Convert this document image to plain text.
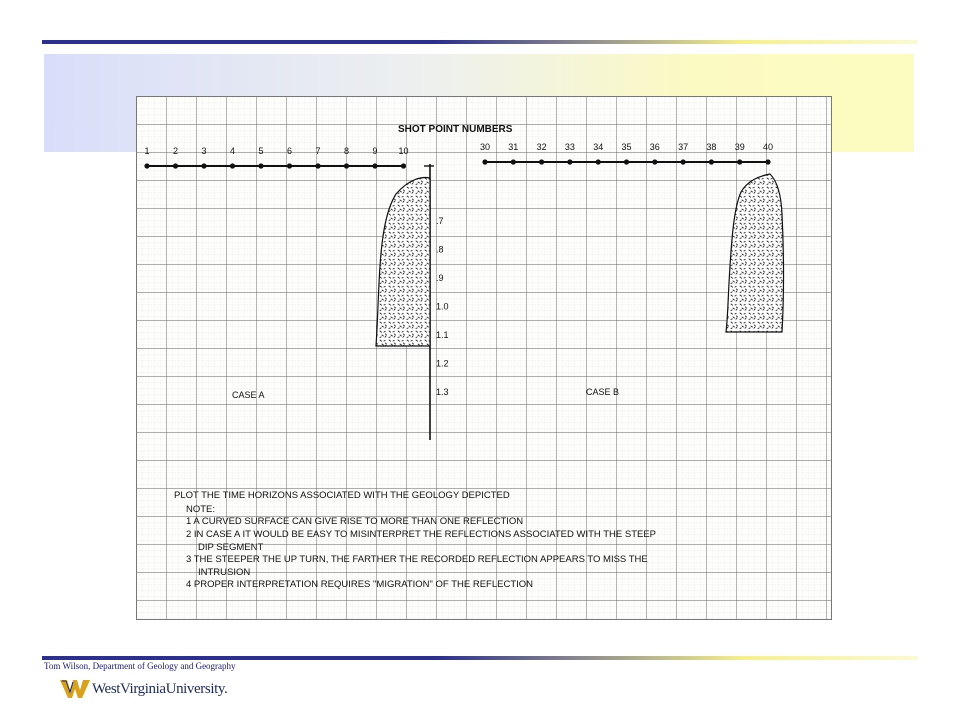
1	2	3	4	5	6	7	8	9 10	30 31 32 33 34 35 36 37 38 39 40
SHOT POINT NUMBERS
.7
.8
.9
1.0
1.1
1.2
1.3
CASE A	CASE B
PLOT THE TIME HORIZONS ASSOCIATED WITH THE GEOLOGY DEPICTED
NOTE:
1 A CURVED SURFACE CAN GIVE RISE TO MORE THAN ONE REFLECTION
2 IN CASE A IT WOULD BE EASY TO MISINTERPRET THE REFLECTIONS ASSOCIATED WITH THE STEEP
DIP SEGMENT
3 THE STEEPER THE UP TURN, THE FARTHER THE RECORDED REFLECTION APPEARS TO MISS THE
INTRUSION
4 PROPER INTERPRETATION REQUIRES "MIGRATION" OF THE REFLECTION
Tom Wilson, Department of Geology and Geography
WestVirginiaUniversity.
